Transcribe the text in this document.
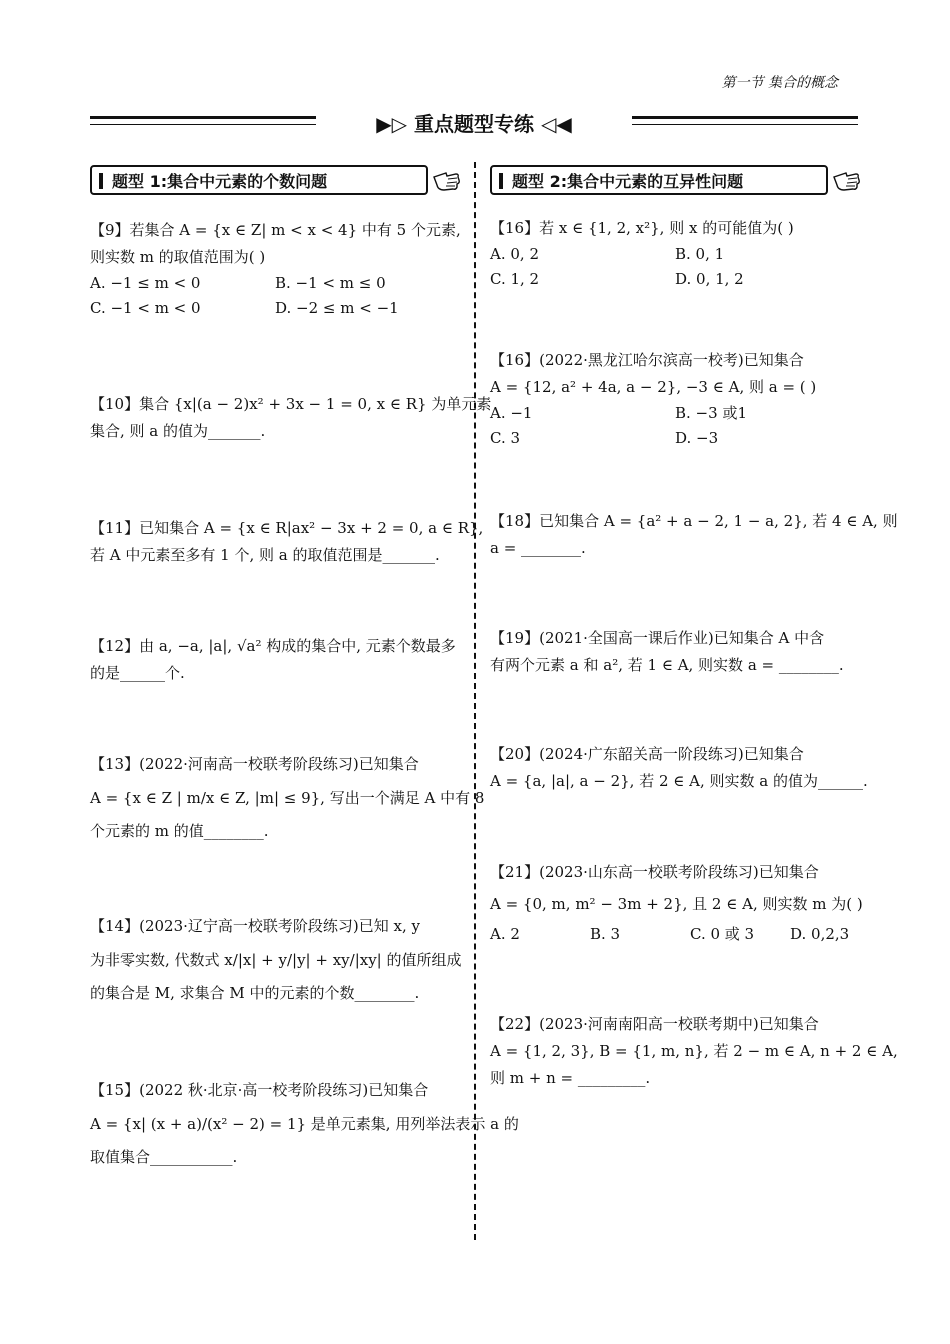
第一节 集合的概念
▶▷ 重点题型专练 ◁◀
题型 1:集合中元素的个数问题
【9】若集合 A = {x ∈ Z| m < x < 4} 中有 5 个元素,
则实数 m 的取值范围为( )
A. −1 ≤ m < 0	B. −1 < m ≤ 0
C. −1 < m < 0	D. −2 ≤ m < −1
【10】集合 {x|(a − 2)x² + 3x − 1 = 0, x ∈ R} 为单元素
集合, 则 a 的值为_______.
【11】已知集合 A = {x ∈ R|ax² − 3x + 2 = 0, a ∈ R},
若 A 中元素至多有 1 个, 则 a 的取值范围是_______.
【12】由 a, −a, |a|, √a² 构成的集合中, 元素个数最多
的是______个.
【13】(2022·河南高一校联考阶段练习)已知集合
A = {x ∈ Z | m/x ∈ Z, |m| ≤ 9}, 写出一个满足 A 中有 8
个元素的 m 的值________.
【14】(2023·辽宁高一校联考阶段练习)已知 x, y
为非零实数, 代数式 x/|x| + y/|y| + xy/|xy| 的值所组成
的集合是 M, 求集合 M 中的元素的个数________.
【15】(2022 秋·北京·高一校考阶段练习)已知集合
A = {x| (x + a)/(x² − 2) = 1} 是单元素集, 用列举法表示 a 的
取值集合___________.
题型 2:集合中元素的互异性问题
【16】若 x ∈ {1, 2, x²}, 则 x 的可能值为( )
A. 0, 2	B. 0, 1
C. 1, 2	D. 0, 1, 2
【16】(2022·黑龙江哈尔滨高一校考)已知集合
A = {12, a² + 4a, a − 2}, −3 ∈ A, 则 a = ( )
A. −1	B. −3 或1
C. 3	D. −3
【18】已知集合 A = {a² + a − 2, 1 − a, 2}, 若 4 ∈ A, 则
a = ________.
【19】(2021·全国高一课后作业)已知集合 A 中含
有两个元素 a 和 a², 若 1 ∈ A, 则实数 a = ________.
【20】(2024·广东韶关高一阶段练习)已知集合
A = {a, |a|, a − 2}, 若 2 ∈ A, 则实数 a 的值为______.
【21】(2023·山东高一校联考阶段练习)已知集合
A = {0, m, m² − 3m + 2}, 且 2 ∈ A, 则实数 m 为( )
A. 2	B. 3	C. 0 或 3	D. 0,2,3
【22】(2023·河南南阳高一校联考期中)已知集合
A = {1, 2, 3}, B = {1, m, n}, 若 2 − m ∈ A, n + 2 ∈ A,
则 m + n = _________.
